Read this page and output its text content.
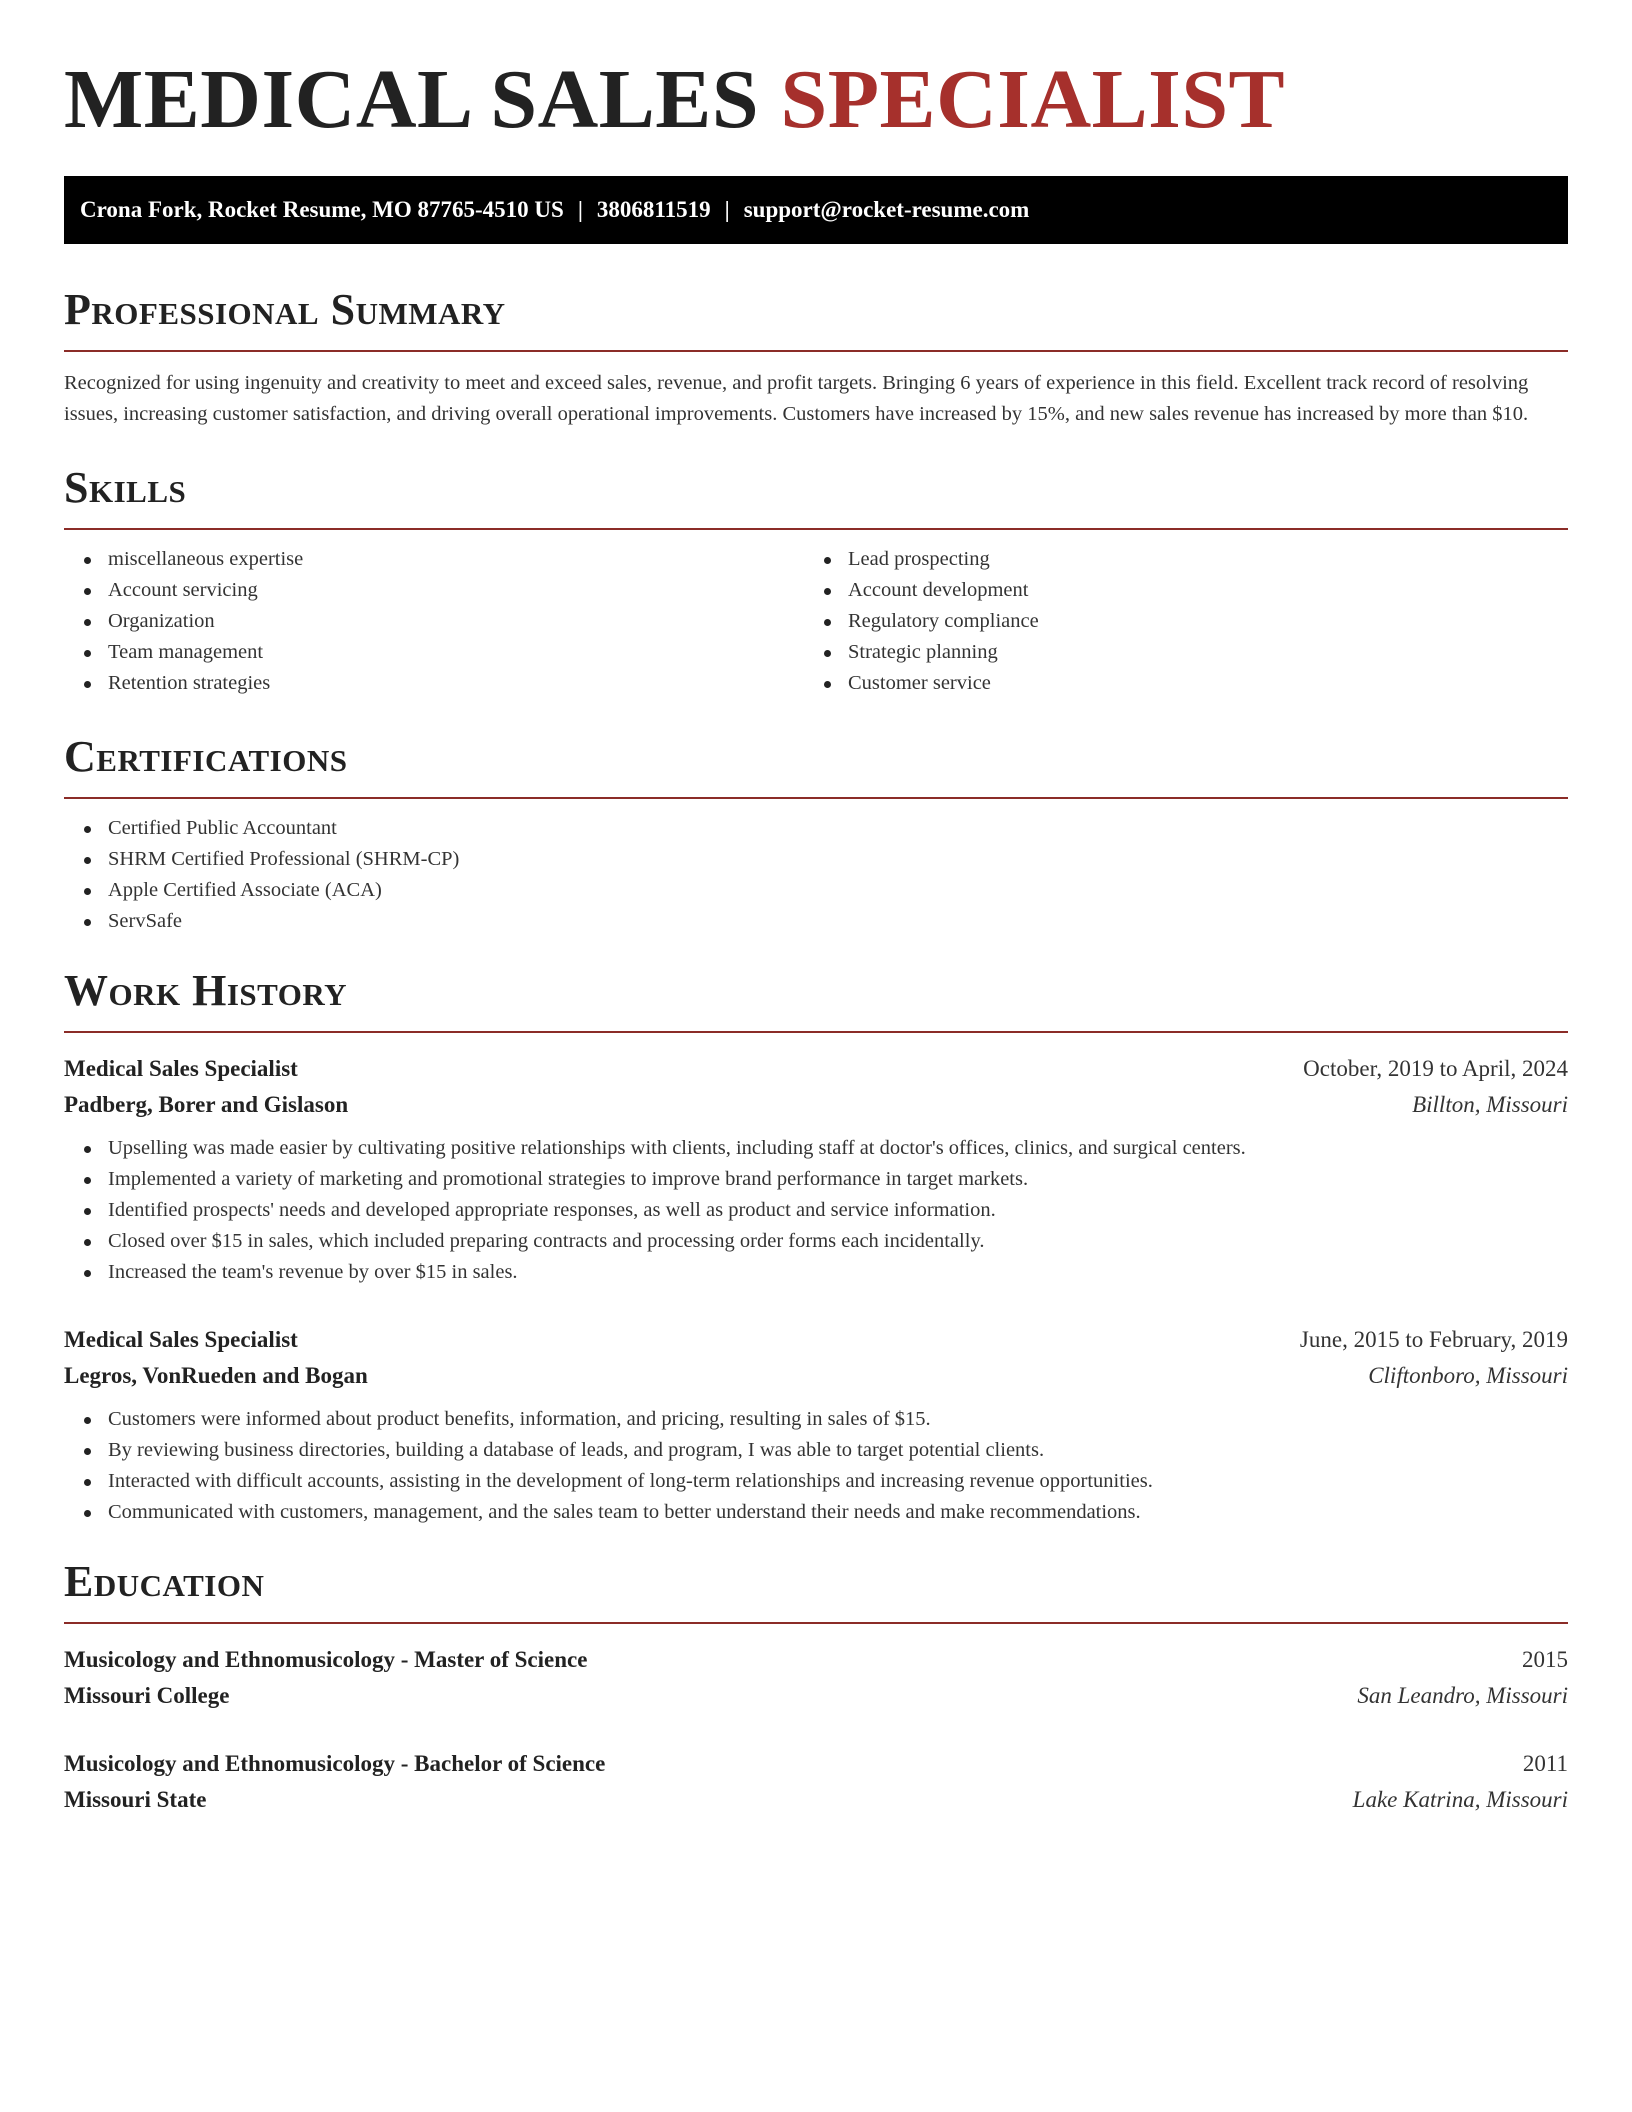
MEDICAL SALES SPECIALIST
Crona Fork, Rocket Resume, MO 87765-4510 US | 3806811519 | support@rocket-resume.com
Professional Summary

Recognized for using ingenuity and creativity to meet and exceed sales, revenue, and profit targets. Bringing 6 years of experience in this field. Excellent track record of resolving issues, increasing customer satisfaction, and driving overall operational improvements. Customers have increased by 15%, and new sales revenue has increased by more than $10.

Skills
miscellaneous expertise
Account servicing
Organization
Team management
Retention strategies
Lead prospecting
Account development
Regulatory compliance
Strategic planning
Customer service
Certifications
Certified Public Accountant
SHRM Certified Professional (SHRM-CP)
Apple Certified Associate (ACA)
ServSafe
Work History
Medical Sales Specialist	October, 2019 to April, 2024
Padberg, Borer and Gislason	Billton, Missouri
Upselling was made easier by cultivating positive relationships with clients, including staff at doctor's offices, clinics, and surgical centers.
Implemented a variety of marketing and promotional strategies to improve brand performance in target markets.
Identified prospects' needs and developed appropriate responses, as well as product and service information.
Closed over $15 in sales, which included preparing contracts and processing order forms each incidentally.
Increased the team's revenue by over $15 in sales.
Medical Sales Specialist	June, 2015 to February, 2019
Legros, VonRueden and Bogan	Cliftonboro, Missouri
Customers were informed about product benefits, information, and pricing, resulting in sales of $15.
By reviewing business directories, building a database of leads, and program, I was able to target potential clients.
Interacted with difficult accounts, assisting in the development of long-term relationships and increasing revenue opportunities.
Communicated with customers, management, and the sales team to better understand their needs and make recommendations.
Education
Musicology and Ethnomusicology - Master of Science	2015
Missouri College	San Leandro, Missouri
Musicology and Ethnomusicology - Bachelor of Science	2011
Missouri State	Lake Katrina, Missouri
